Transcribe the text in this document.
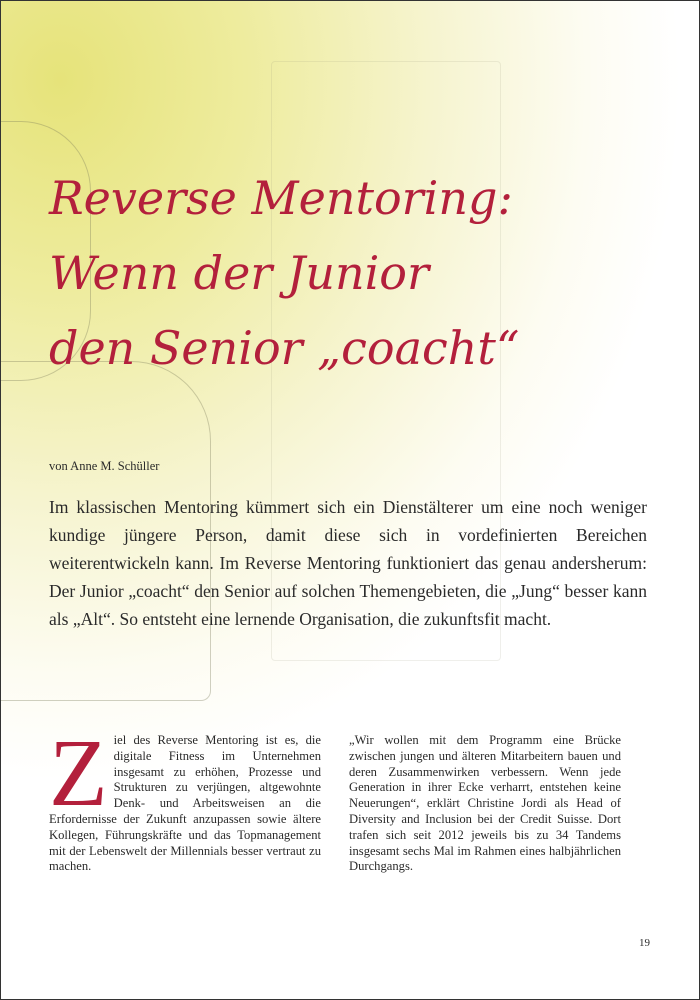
Reverse Mentoring:
Wenn der Junior
den Senior „coacht“
von Anne M. Schüller

Im klassischen Mentoring kümmert sich ein Dienstälterer um eine noch weniger kundige jüngere Person, damit diese sich in vordefinierten Bereichen weiterentwickeln kann. Im Reverse Mentoring funktioniert das genau andersherum: Der Junior „coacht“ den Senior auf solchen Themengebieten, die „Jung“ besser kann als „Alt“. So entsteht eine lernende Organisation, die zukunftsfit macht.

Ziel des Reverse Mentoring ist es, die digitale Fitness im Unternehmen insgesamt zu erhöhen, Prozesse und Strukturen zu verjüngen, altgewohnte Denk- und Arbeitsweisen an die Erfordernisse der Zukunft anzupassen sowie ältere Kollegen, Führungskräfte und das Topmanagement mit der Lebenswelt der Millennials besser vertraut zu machen.
„Wir wollen mit dem Programm eine Brücke zwischen jungen und älteren Mitarbeitern bauen und deren Zusammenwirken verbessern. Wenn jede Generation in ihrer Ecke verharrt, entstehen keine Neuerungen“, erklärt Christine Jordi als Head of Diversity and Inclusion bei der Credit Suisse. Dort trafen sich seit 2012 jeweils bis zu 34 Tandems insgesamt sechs Mal im Rahmen eines halbjährlichen Durchgangs.
19
